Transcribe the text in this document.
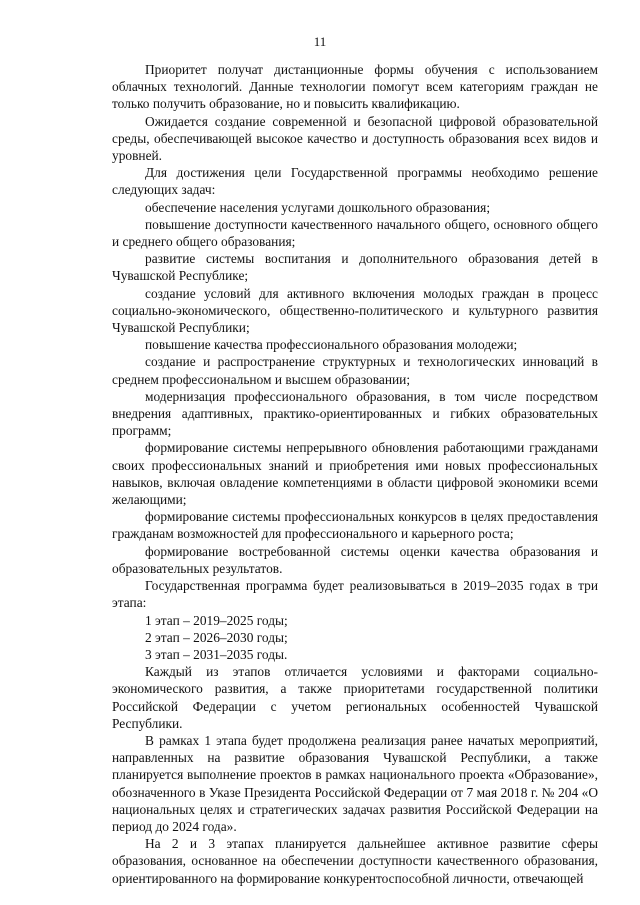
11

Приоритет получат дистанционные формы обучения с использованием облачных технологий. Данные технологии помогут всем категориям граждан не только получить образование, но и повысить квалификацию.

Ожидается создание современной и безопасной цифровой образовательной среды, обеспечивающей высокое качество и доступность образования всех видов и уровней.

Для достижения цели Государственной программы необходимо решение следующих задач:

обеспечение населения услугами дошкольного образования;

повышение доступности качественного начального общего, основного общего и среднего общего образования;

развитие системы воспитания и дополнительного образования детей в Чувашской Республике;

создание условий для активного включения молодых граждан в процесс социально-экономического, общественно-политического и культурного развития Чувашской Республики;

повышение качества профессионального образования молодежи;

создание и распространение структурных и технологических инноваций в среднем профессиональном и высшем образовании;

модернизация профессионального образования, в том числе посредством внедрения адаптивных, практико-ориентированных и гибких образовательных программ;

формирование системы непрерывного обновления работающими гражданами своих профессиональных знаний и приобретения ими новых профессиональных навыков, включая овладение компетенциями в области цифровой экономики всеми желающими;

формирование системы профессиональных конкурсов в целях предоставления гражданам возможностей для профессионального и карьерного роста;

формирование востребованной системы оценки качества образования и образовательных результатов.

Государственная программа будет реализовываться в 2019–2035 годах в три этапа:

1 этап – 2019–2025 годы;

2 этап – 2026–2030 годы;

3 этап – 2031–2035 годы.

Каждый из этапов отличается условиями и факторами социально-экономического развития, а также приоритетами государственной политики Российской Федерации с учетом региональных особенностей Чувашской Республики.

В рамках 1 этапа будет продолжена реализация ранее начатых мероприятий, направленных на развитие образования Чувашской Республики, а также планируется выполнение проектов в рамках национального проекта «Образование», обозначенного в Указе Президента Российской Федерации от 7 мая 2018 г. № 204 «О национальных целях и стратегических задачах развития Российской Федерации на период до 2024 года».

На 2 и 3 этапах планируется дальнейшее активное развитие сферы образования, основанное на обеспечении доступности качественного образования, ориентированного на формирование конкурентоспособной личности, отвечающей
